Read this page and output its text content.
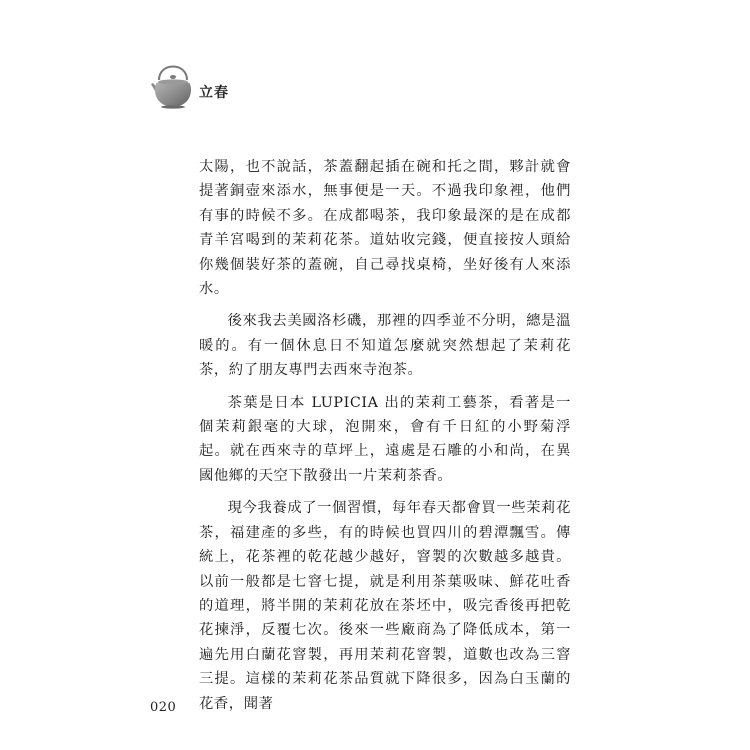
立春

太陽，也不說話，茶蓋翻起插在碗和托之間，夥計就會提著銅壺來添水，無事便是一天。不過我印象裡，他們有事的時候不多。在成都喝茶，我印象最深的是在成都青羊宮喝到的茉莉花茶。道姑收完錢，便直接按人頭給你幾個裝好茶的蓋碗，自己尋找桌椅，坐好後有人來添水。

後來我去美國洛杉磯，那裡的四季並不分明，總是溫暖的。有一個休息日不知道怎麼就突然想起了茉莉花茶，約了朋友專門去西來寺泡茶。

茶葉是日本 LUPICIA 出的茉莉工藝茶，看著是一個茉莉銀毫的大球，泡開來，會有千日紅的小野菊浮起。就在西來寺的草坪上，遠處是石雕的小和尚，在異國他鄉的天空下散發出一片茉莉茶香。

現今我養成了一個習慣，每年春天都會買一些茉莉花茶，福建產的多些，有的時候也買四川的碧潭飄雪。傳統上，花茶裡的乾花越少越好，窨製的次數越多越貴。以前一般都是七窨七提，就是利用茶葉吸味、鮮花吐香的道理，將半開的茉莉花放在茶坯中，吸完香後再把乾花揀淨，反覆七次。後來一些廠商為了降低成本，第一遍先用白蘭花窨製，再用茉莉花窨製，道數也改為三窨三提。這樣的茉莉花茶品質就下降很多，因為白玉蘭的花香，聞著

020
